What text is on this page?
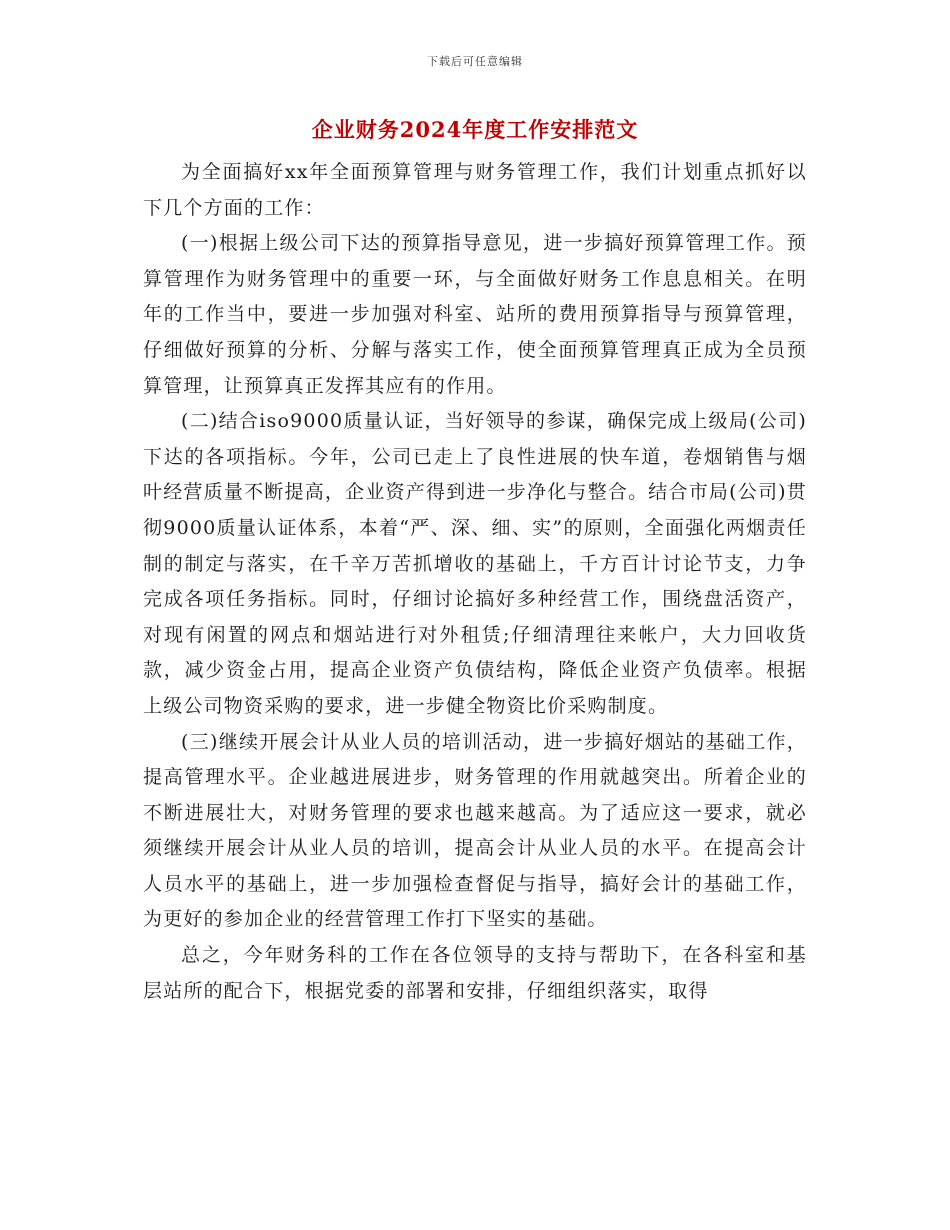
下载后可任意编辑
企业财务2024年度工作安排范文

为全面搞好xx年全面预算管理与财务管理工作，我们计划重点抓好以下几个方面的工作：

(一)根据上级公司下达的预算指导意见，进一步搞好预算管理工作。预算管理作为财务管理中的重要一环，与全面做好财务工作息息相关。在明年的工作当中，要进一步加强对科室、站所的费用预算指导与预算管理，仔细做好预算的分析、分解与落实工作，使全面预算管理真正成为全员预算管理，让预算真正发挥其应有的作用。

(二)结合iso9000质量认证，当好领导的参谋，确保完成上级局(公司)下达的各项指标。今年，公司已走上了良性进展的快车道，卷烟销售与烟叶经营质量不断提高，企业资产得到进一步净化与整合。结合市局(公司)贯彻9000质量认证体系，本着“严、深、细、实”的原则，全面强化两烟责任制的制定与落实，在千辛万苦抓增收的基础上，千方百计讨论节支，力争完成各项任务指标。同时，仔细讨论搞好多种经营工作，围绕盘活资产，对现有闲置的网点和烟站进行对外租赁;仔细清理往来帐户，大力回收货款，减少资金占用，提高企业资产负债结构，降低企业资产负债率。根据上级公司物资采购的要求，进一步健全物资比价采购制度。

(三)继续开展会计从业人员的培训活动，进一步搞好烟站的基础工作，提高管理水平。企业越进展进步，财务管理的作用就越突出。所着企业的不断进展壮大，对财务管理的要求也越来越高。为了适应这一要求，就必须继续开展会计从业人员的培训，提高会计从业人员的水平。在提高会计人员水平的基础上，进一步加强检查督促与指导，搞好会计的基础工作，为更好的参加企业的经营管理工作打下坚实的基础。

总之，今年财务科的工作在各位领导的支持与帮助下，在各科室和基层站所的配合下，根据党委的部署和安排，仔细组织落实，取得
